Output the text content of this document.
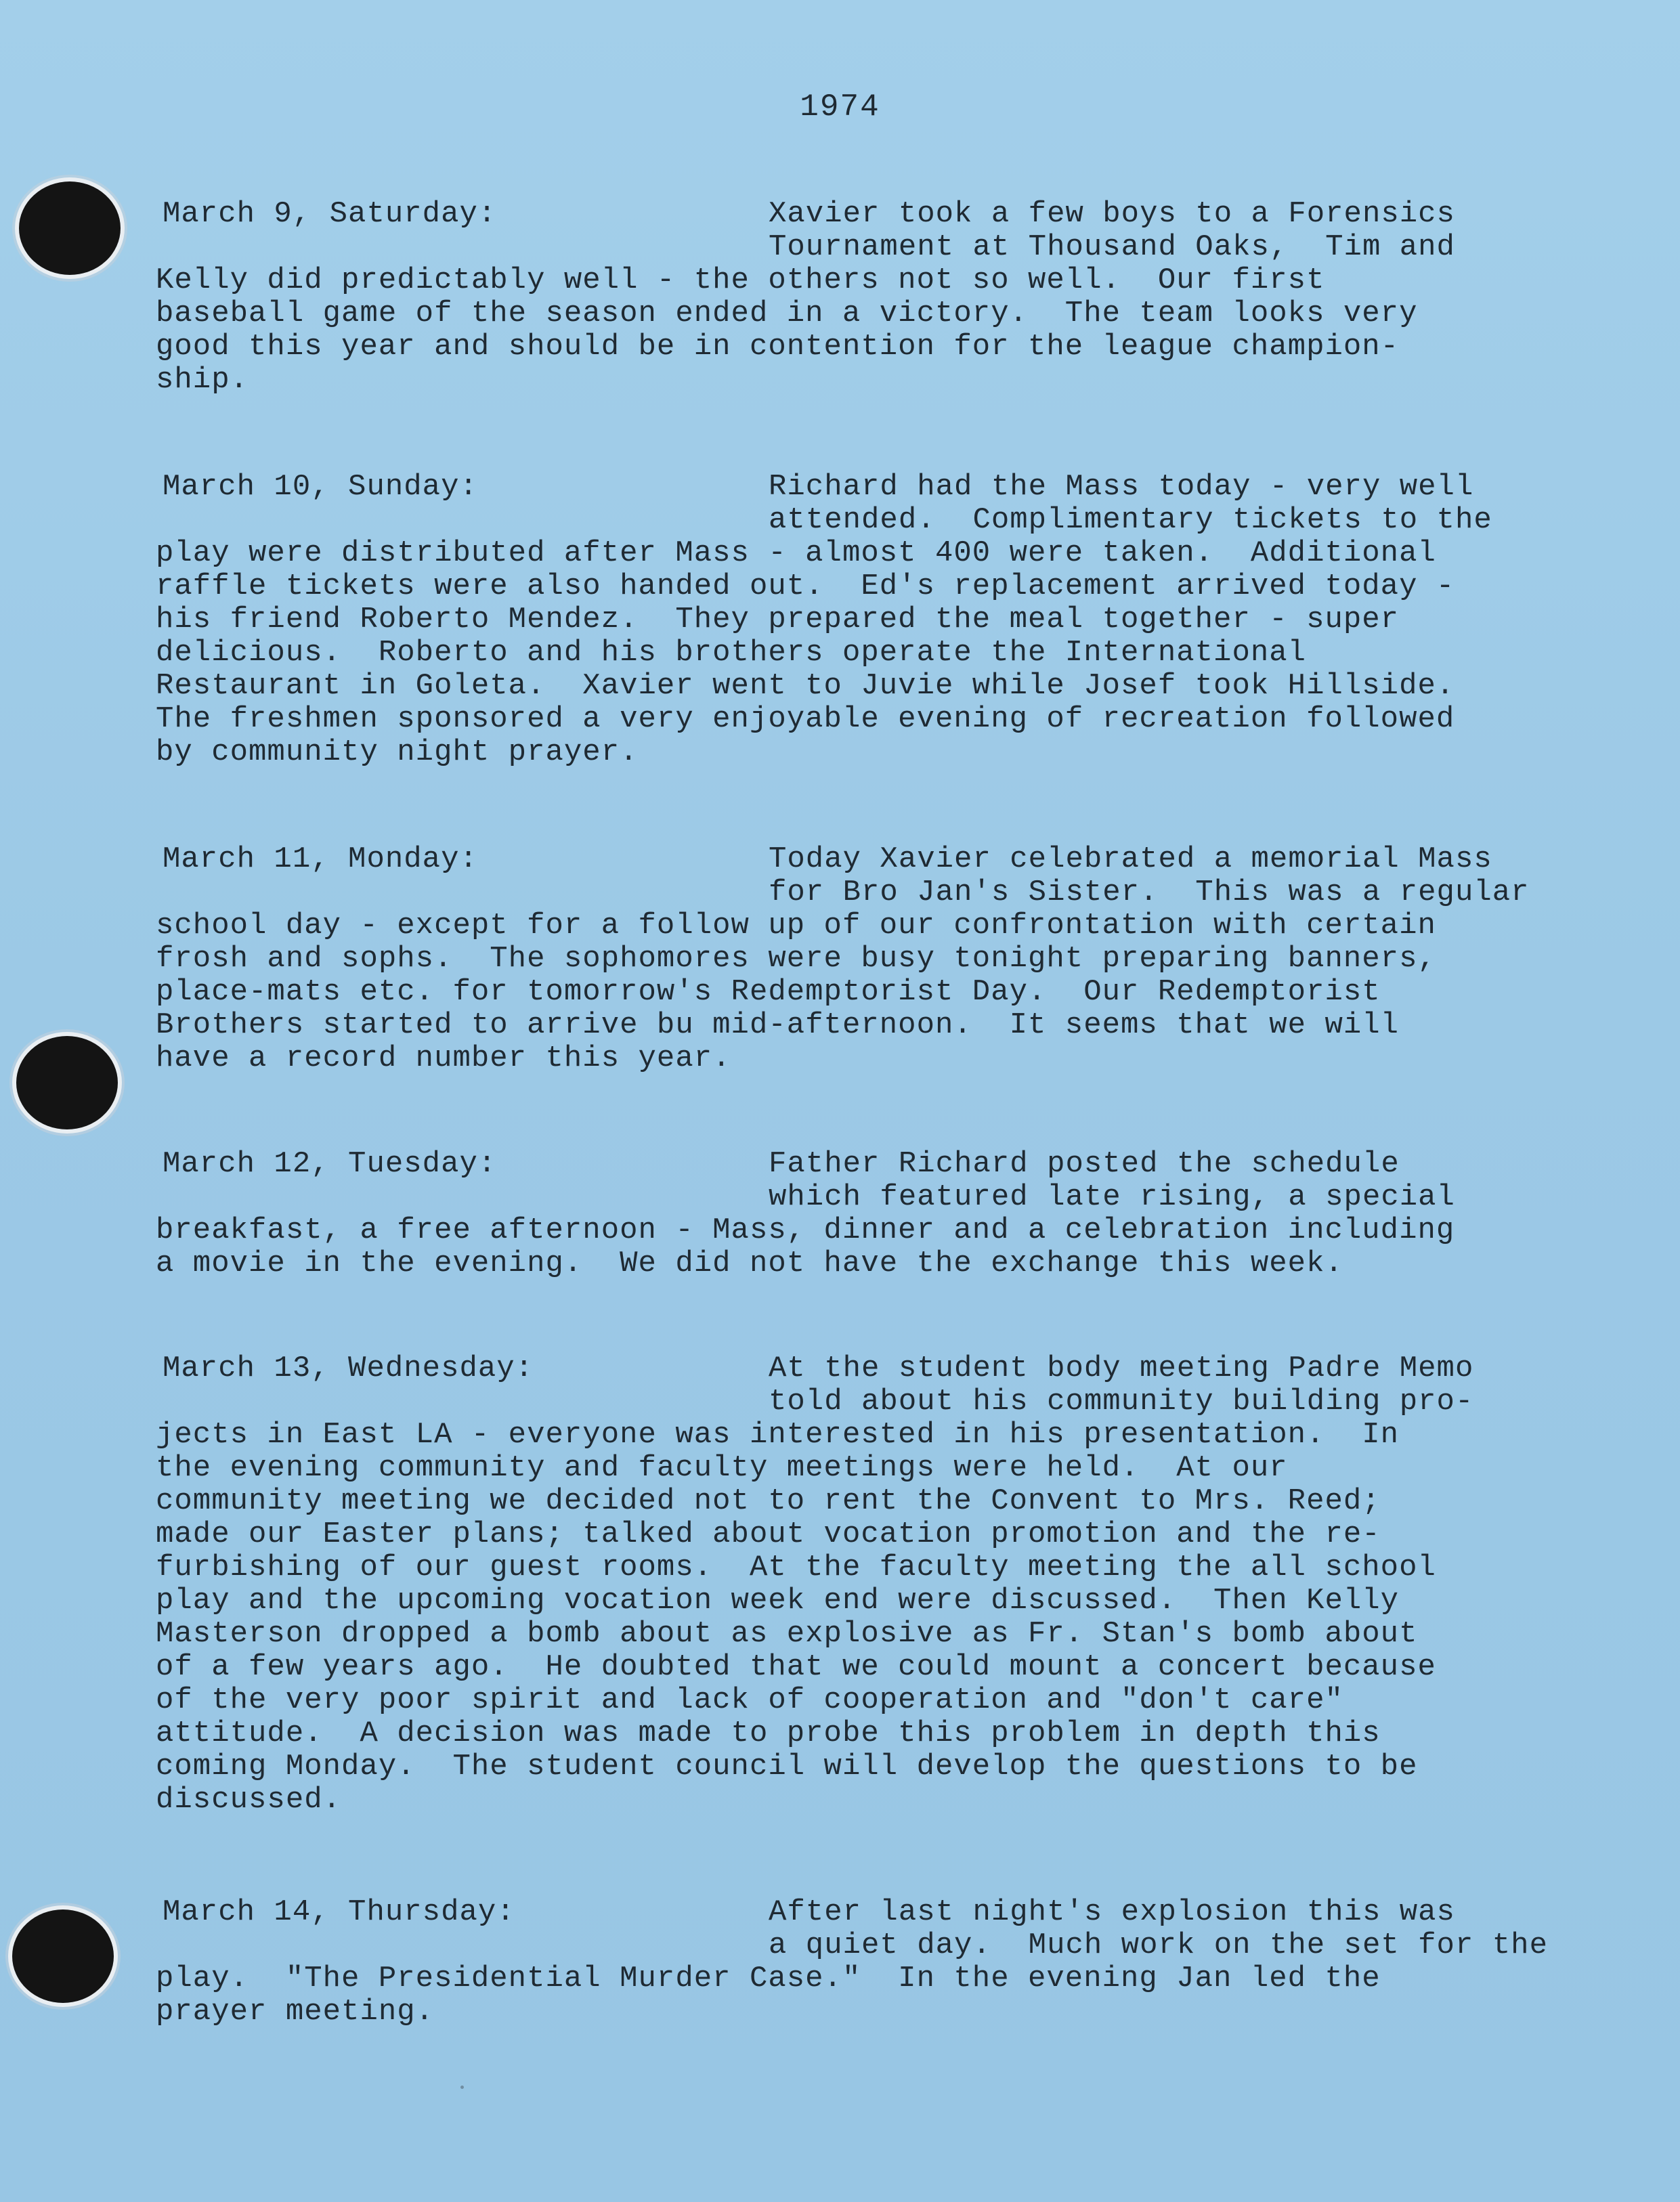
1974
March 9, Saturday:	Xavier took a few boys to a Forensics
Tournament at Thousand Oaks,  Tim and
Kelly did predictably well - the others not so well.  Our first
baseball game of the season ended in a victory.  The team looks very
good this year and should be in contention for the league champion-
ship.
March 10, Sunday:	Richard had the Mass today - very well
attended.  Complimentary tickets to the
play were distributed after Mass - almost 400 were taken.  Additional
raffle tickets were also handed out.  Ed's replacement arrived today -
his friend Roberto Mendez.  They prepared the meal together - super
delicious.  Roberto and his brothers operate the International
Restaurant in Goleta.  Xavier went to Juvie while Josef took Hillside.
The freshmen sponsored a very enjoyable evening of recreation followed
by community night prayer.
March 11, Monday:	Today Xavier celebrated a memorial Mass
for Bro Jan's Sister.  This was a regular
school day - except for a follow up of our confrontation with certain
frosh and sophs.  The sophomores were busy tonight preparing banners,
place-mats etc. for tomorrow's Redemptorist Day.  Our Redemptorist
Brothers started to arrive bu mid-afternoon.  It seems that we will
have a record number this year.
March 12, Tuesday:	Father Richard posted the schedule
which featured late rising, a special
breakfast, a free afternoon - Mass, dinner and a celebration including
a movie in the evening.  We did not have the exchange this week.
March 13, Wednesday:	At the student body meeting Padre Memo
told about his community building pro-
jects in East LA - everyone was interested in his presentation.  In
the evening community and faculty meetings were held.  At our
community meeting we decided not to rent the Convent to Mrs. Reed;
made our Easter plans; talked about vocation promotion and the re-
furbishing of our guest rooms.  At the faculty meeting the all school
play and the upcoming vocation week end were discussed.  Then Kelly
Masterson dropped a bomb about as explosive as Fr. Stan's bomb about
of a few years ago.  He doubted that we could mount a concert because
of the very poor spirit and lack of cooperation and "don't care"
attitude.  A decision was made to probe this problem in depth this
coming Monday.  The student council will develop the questions to be
discussed.
March 14, Thursday:	After last night's explosion this was
a quiet day.  Much work on the set for the
play.  "The Presidential Murder Case."  In the evening Jan led the
prayer meeting.
